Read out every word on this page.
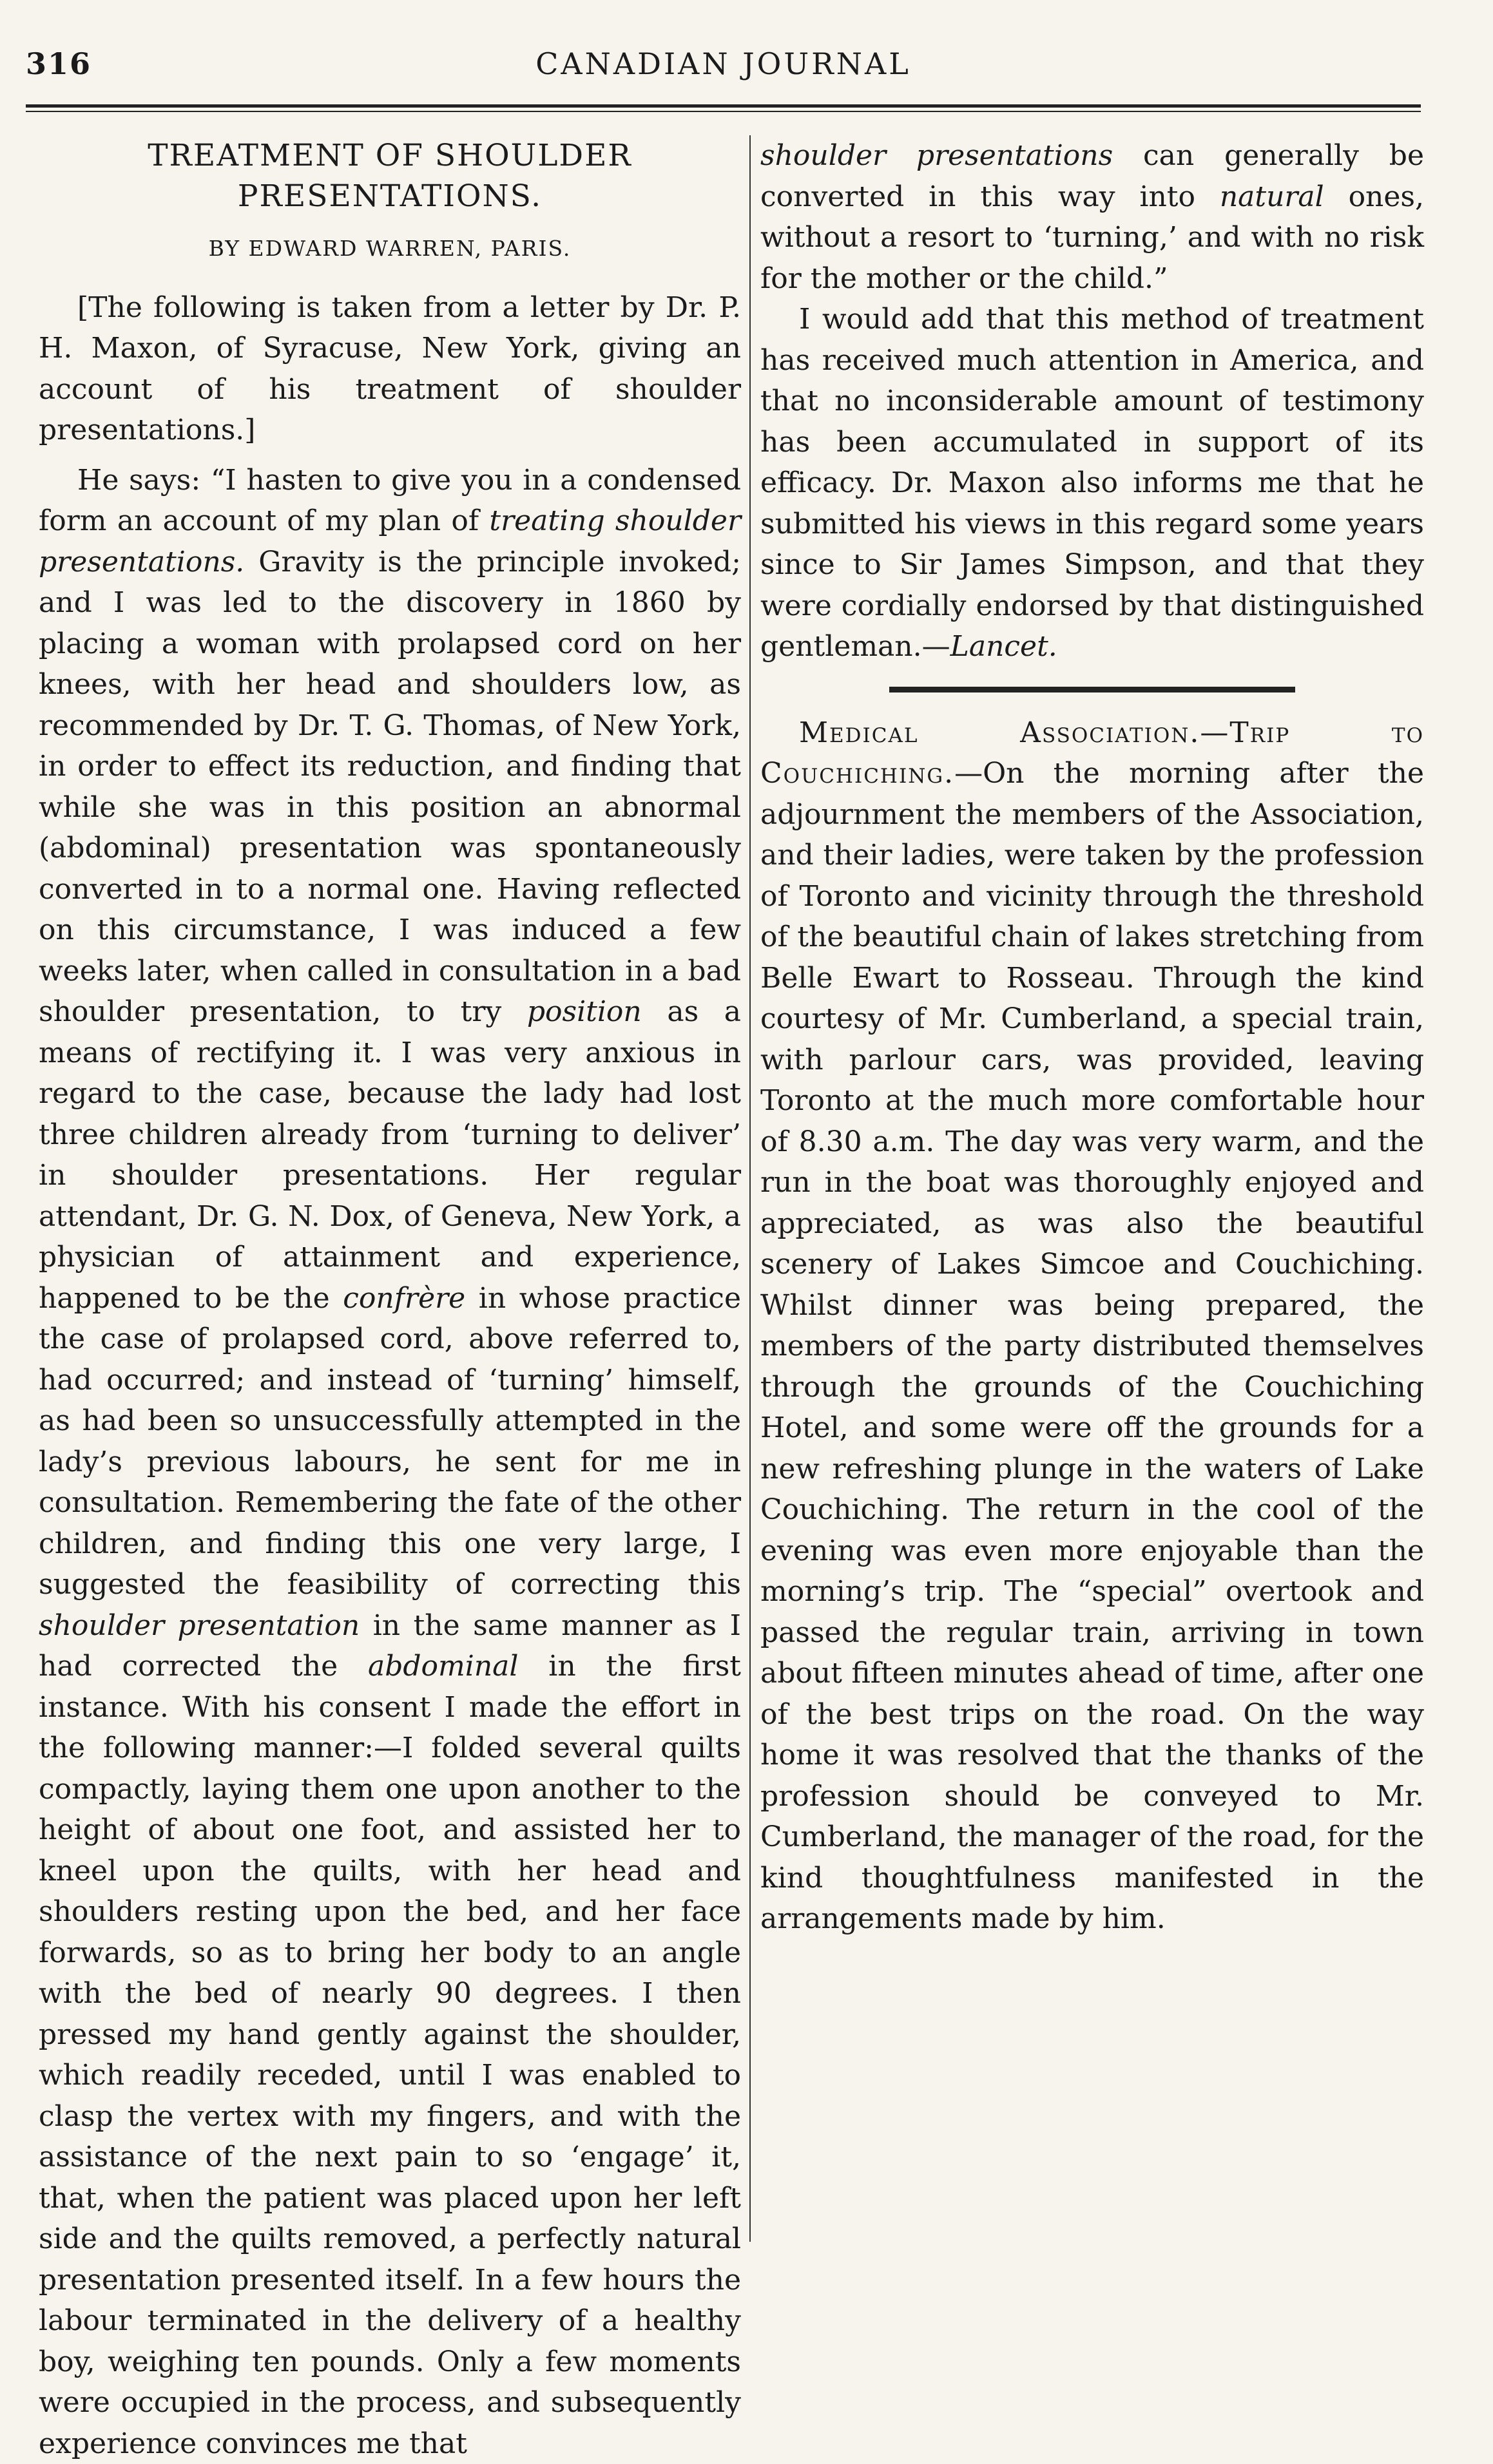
316	CANADIAN JOURNAL
TREATMENT OF SHOULDER PRESENTATIONS.
BY EDWARD WARREN, PARIS.

[The following is taken from a letter by Dr. P. H. Maxon, of Syracuse, New York, giving an account of his treatment of shoulder presentations.]

He says: “I hasten to give you in a condensed form an account of my plan of treating shoulder presentations. Gravity is the principle invoked; and I was led to the discovery in 1860 by placing a woman with prolapsed cord on her knees, with her head and shoulders low, as recommended by Dr. T. G. Thomas, of New York, in order to effect its reduction, and finding that while she was in this position an abnormal (abdominal) presentation was spontaneously converted in to a normal one. Having reflected on this circumstance, I was induced a few weeks later, when called in consultation in a bad shoulder presentation, to try position as a means of rectifying it. I was very anxious in regard to the case, because the lady had lost three children already from ‘turning to deliver’ in shoulder presentations. Her regular attendant, Dr. G. N. Dox, of Geneva, New York, a physician of attainment and experience, happened to be the confrère in whose practice the case of prolapsed cord, above referred to, had occurred; and instead of ‘turning’ himself, as had been so unsuccessfully attempted in the lady’s previous labours, he sent for me in consultation. Remembering the fate of the other children, and finding this one very large, I suggested the feasibility of correcting this shoulder presentation in the same manner as I had corrected the abdominal in the first instance. With his consent I made the effort in the following manner:—I folded several quilts compactly, laying them one upon another to the height of about one foot, and assisted her to kneel upon the quilts, with her head and shoulders resting upon the bed, and her face forwards, so as to bring her body to an angle with the bed of nearly 90 degrees. I then pressed my hand gently against the shoulder, which readily receded, until I was enabled to clasp the vertex with my fingers, and with the assistance of the next pain to so ‘engage’ it, that, when the patient was placed upon her left side and the quilts removed, a perfectly natural presentation presented itself. In a few hours the labour terminated in the delivery of a healthy boy, weighing ten pounds. Only a few moments were occupied in the process, and subsequently experience convinces me that

shoulder presentations can generally be converted in this way into natural ones, without a resort to ‘turning,’ and with no risk for the mother or the child.”

I would add that this method of treatment has received much attention in America, and that no inconsiderable amount of testimony has been accumulated in support of its efficacy. Dr. Maxon also informs me that he submitted his views in this regard some years since to Sir James Simpson, and that they were cordially endorsed by that distinguished gentleman.—Lancet.

Medical Association.—Trip to Couchiching.—On the morning after the adjournment the members of the Association, and their ladies, were taken by the profession of Toronto and vicinity through the threshold of the beautiful chain of lakes stretching from Belle Ewart to Rosseau. Through the kind courtesy of Mr. Cumberland, a special train, with parlour cars, was provided, leaving Toronto at the much more comfortable hour of 8.30 a.m. The day was very warm, and the run in the boat was thoroughly enjoyed and appreciated, as was also the beautiful scenery of Lakes Simcoe and Couchiching. Whilst dinner was being prepared, the members of the party distributed themselves through the grounds of the Couchiching Hotel, and some were off the grounds for a new refreshing plunge in the waters of Lake Couchiching. The return in the cool of the evening was even more enjoyable than the morning’s trip. The “special” overtook and passed the regular train, arriving in town about fifteen minutes ahead of time, after one of the best trips on the road. On the way home it was resolved that the thanks of the profession should be conveyed to Mr. Cumberland, the manager of the road, for the kind thoughtfulness manifested in the arrangements made by him.
